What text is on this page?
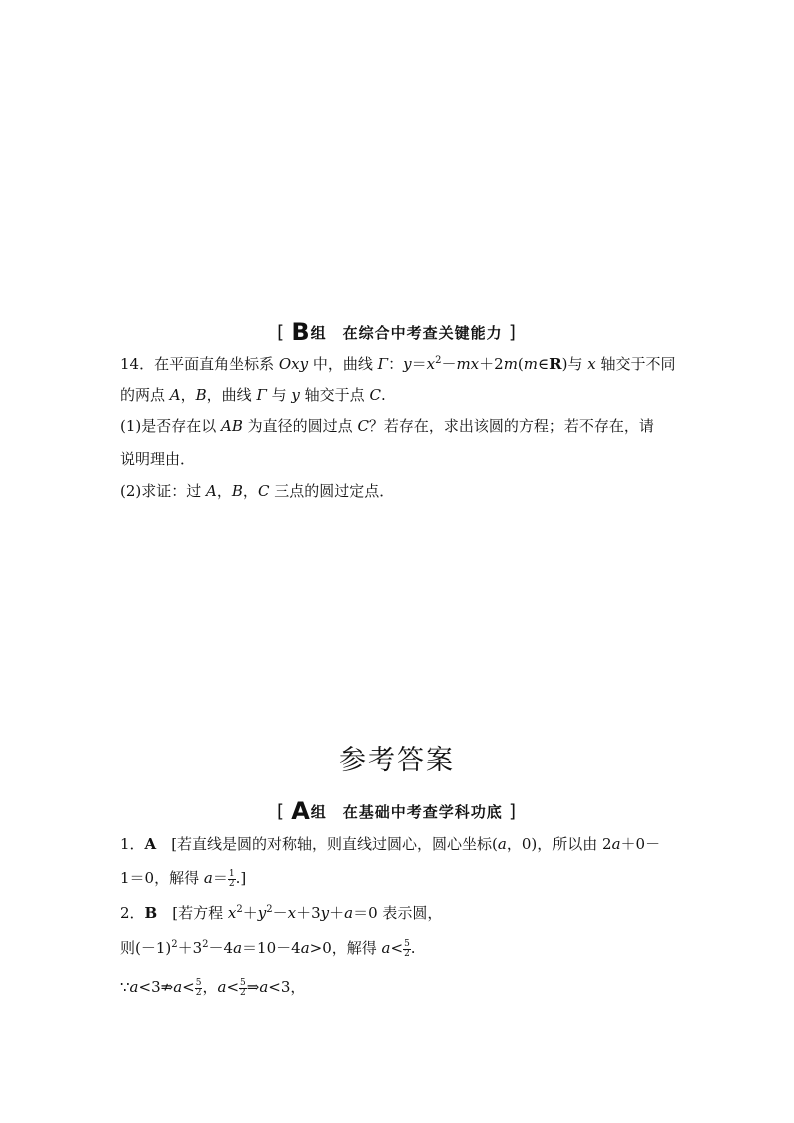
[ B组　在综合中考查关键能力 ]
14．在平面直角坐标系 Oxy 中，曲线 Γ：$y=x^2-mx+2m(m\in R)$与 x 轴交于不同
的两点 A，B，曲线 Γ 与 y 轴交于点 C.
(1)是否存在以 AB 为直径的圆过点 C？若存在，求出该圆的方程；若不存在，请
说明理由．
(2)求证：过 A，B，C 三点的圆过定点．
参考答案
[ A组　在基础中考查学科功底 ]
1．A　[若直线是圆的对称轴，则直线过圆心，圆心坐标(a，0)，所以由 2a＋0－
1＝0，解得 $a= \frac{1}{2}$ .]
2．B　[若方程 $x^2+y^2-x+3y+a=0$ 表示圆，
则$(-1)^2+3^2-4a=10-4a>0$，解得 $a< \frac{5}{2}$ .
∵a<3⇏a< $\frac{5}{2}$ ，$a< \frac{5}{2}$ ⇒a<3，
